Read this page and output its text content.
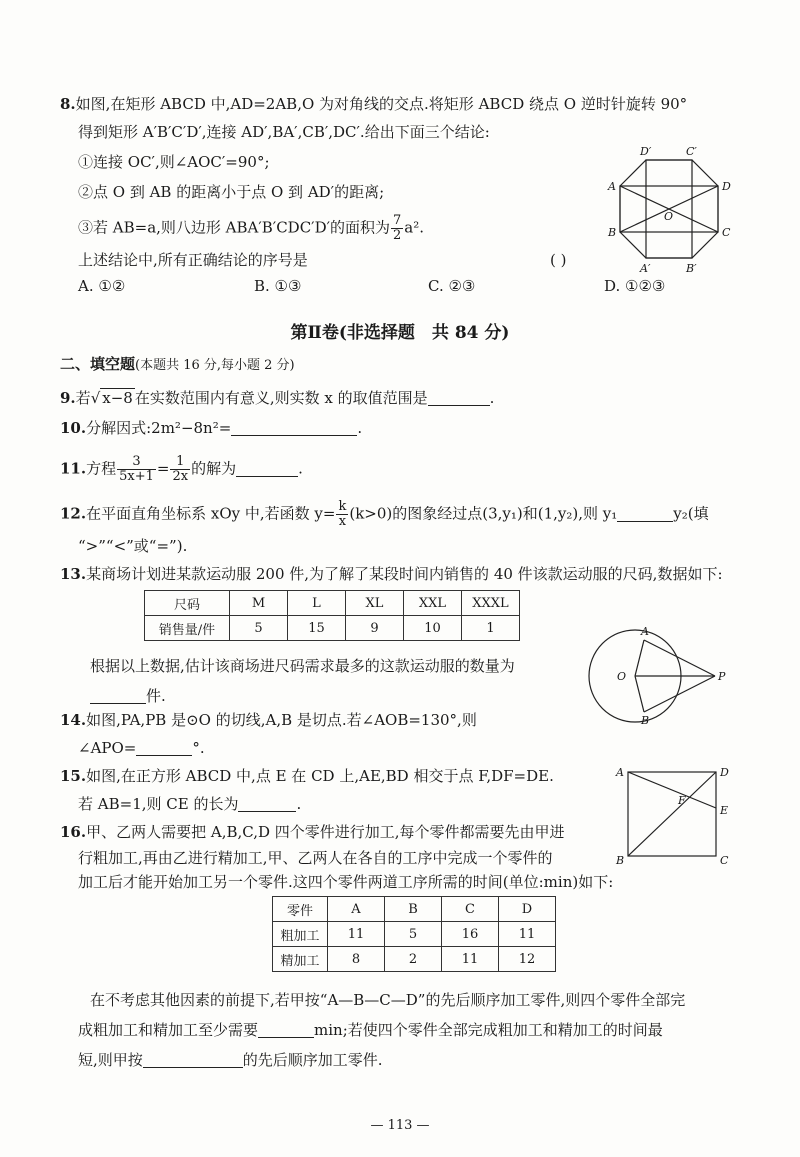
8.如图,在矩形 ABCD 中,AD=2AB,O 为对角线的交点.将矩形 ABCD 绕点 O 逆时针旋转 90°
得到矩形 A′B′C′D′,连接 AD′,BA′,CB′,DC′.给出下面三个结论:
①连接 OC′,则∠AOC′=90°;
②点 O 到 AB 的距离小于点 O 到 AD′的距离;
③若 AB=a,则八边形 ABA′B′CDC′D′的面积为 $\frac{7}{2} a^2$.
上述结论中,所有正确结论的序号是	( )
A. ①②	B. ①③	C. ②③	D. ①②③
A
B	C
D
O
A′	B′
C′
D′
第Ⅱ卷(非选择题　共 84 分)
二、填空题(本题共 16 分,每小题 2 分)
9.若√ x−8 在实数范围内有意义,则实数 x 的取值范围是	.
10.分解因式:2m²−8n²=	.
11.方程 $\frac{3}{5x+1} = \frac{1}{2x}$ 的解为	.
12.在平面直角坐标系 xOy 中,若函数 $y= \frac{k}{x} (k>0)$的图象经过点(3,y₁)和(1,y₂),则 y₁	y₂(填
“>”“<”或“=”).
13.某商场计划进某款运动服 200 件,为了解了某段时间内销售的 40 件该款运动服的尺码,数据如下:
尺码	M	L	XL	XXL	XXXL
销售量/件	5	15	9	10	1
根据以上数据,估计该商场进尺码需求最多的这款运动服的数量为
件.
A
B
O	P
14.如图,PA,PB 是⊙O 的切线,A,B 是切点.若∠AOB=130°,则
∠APO=	°.
15.如图,在正方形 ABCD 中,点 E 在 CD 上,AE,BD 相交于点 F,DF=DE.
若 AB=1,则 CE 的长为	.
A	D
B	C
E
F
16.甲、乙两人需要把 A,B,C,D 四个零件进行加工,每个零件都需要先由甲进
行粗加工,再由乙进行精加工,甲、乙两人在各自的工序中完成一个零件的
加工后才能开始加工另一个零件.这四个零件两道工序所需的时间(单位:min)如下:
零件	A	B	C	D
粗加工	11	5	16	11
精加工	8	2	11	12
在不考虑其他因素的前提下,若甲按“A—B—C—D”的先后顺序加工零件,则四个零件全部完
成粗加工和精加工至少需要	min;若使四个零件全部完成粗加工和精加工的时间最
短,则甲按	的先后顺序加工零件.
— 113 —
